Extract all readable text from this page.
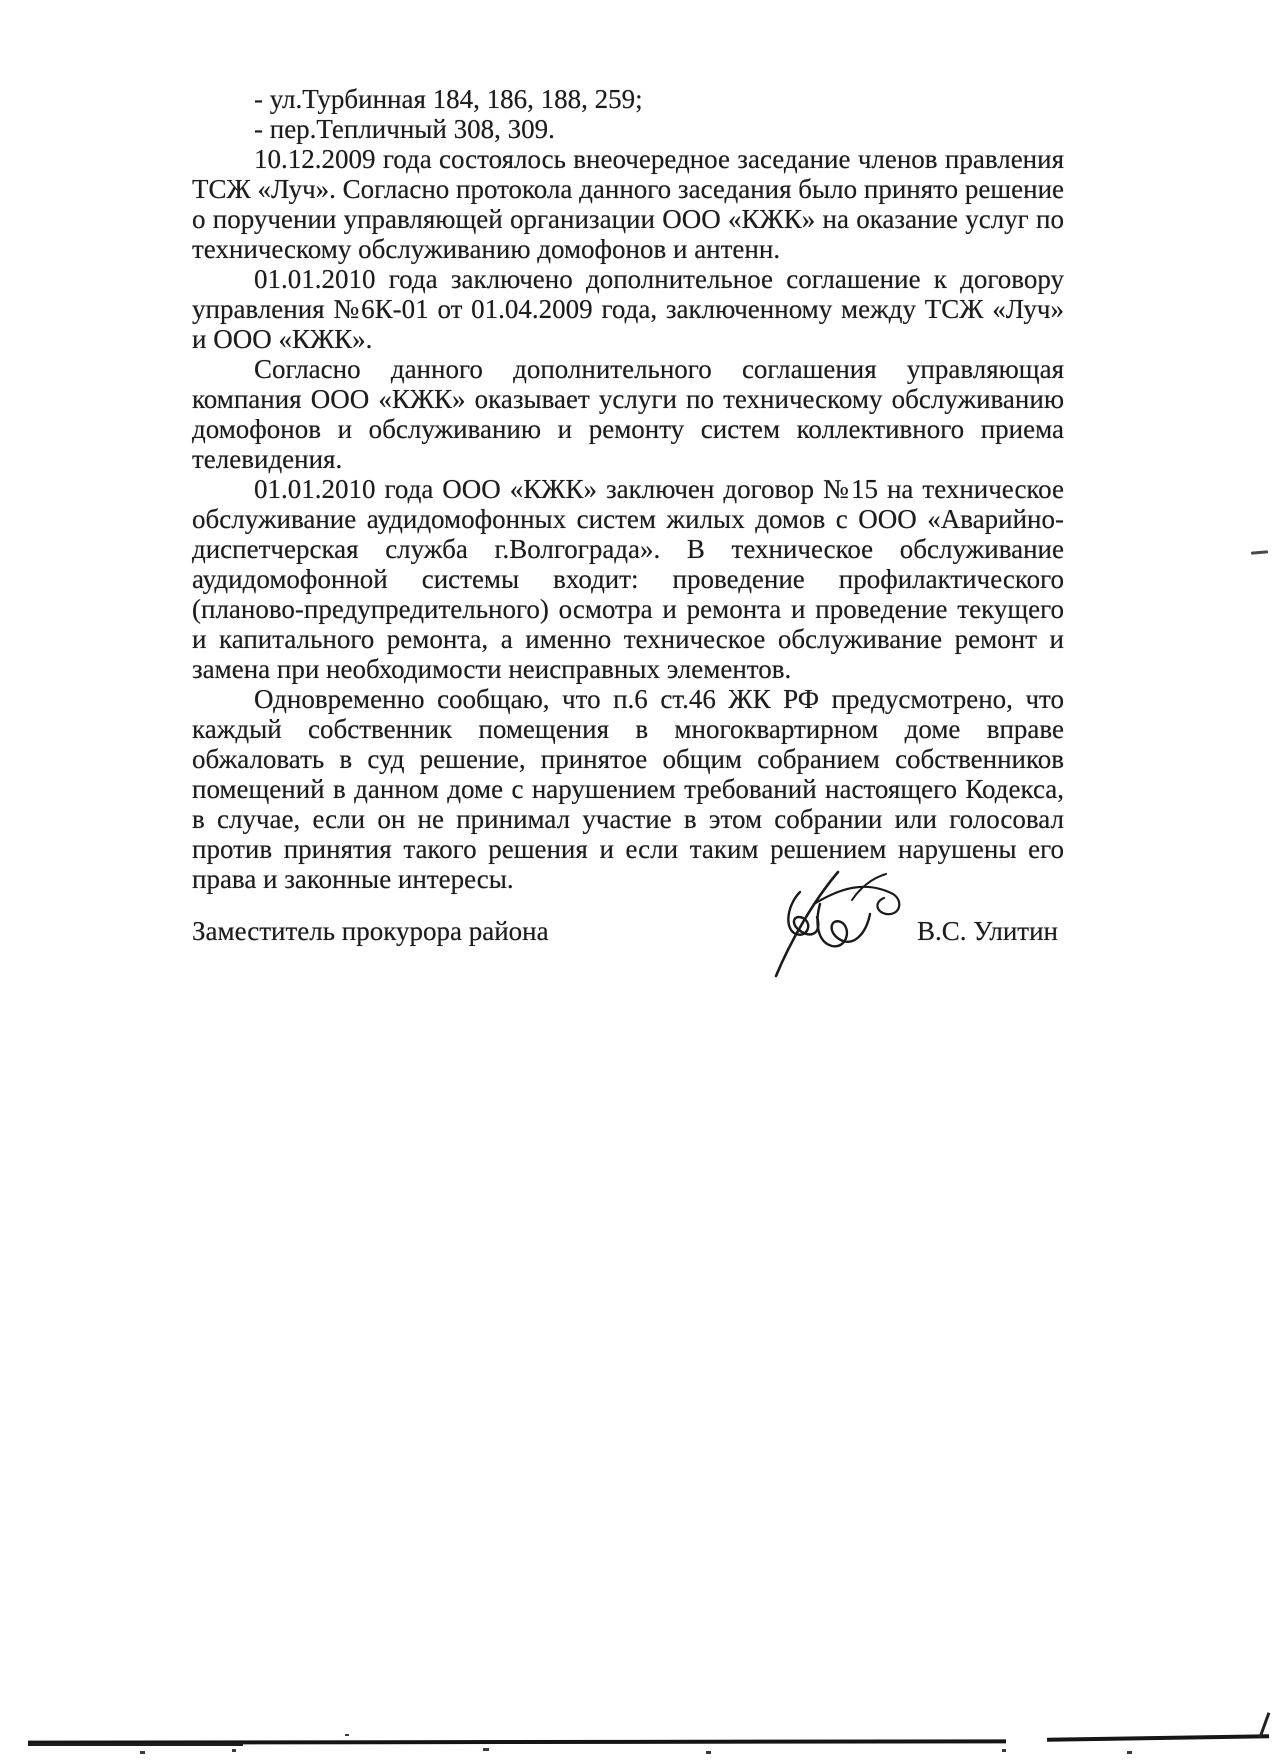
- ул.Турбинная 184, 186, 188, 259;

- пер.Тепличный 308, 309.

10.12.2009 года состоялось внеочередное заседание членов правления ТСЖ «Луч». Согласно протокола данного заседания было принято решение о поручении управляющей организации ООО «КЖК» на оказание услуг по техническому обслуживанию домофонов и антенн.

01.01.2010 года заключено дополнительное соглашение к договору управления №6К-01 от 01.04.2009 года, заключенному между ТСЖ «Луч» и ООО «КЖК».

Согласно данного дополнительного соглашения управляющая компания ООО «КЖК» оказывает услуги по техническому обслуживанию домофонов и обслуживанию и ремонту систем коллективного приема телевидения.

01.01.2010 года ООО «КЖК» заключен договор №15 на техническое обслуживание аудидомофонных систем жилых домов с ООО «Аварийно-диспетчерская служба г.Волгограда». В техническое обслуживание аудидомофонной системы входит: проведение профилактического (планово-предупредительного) осмотра и ремонта и проведение текущего и капитального ремонта, а именно техническое обслуживание ремонт и замена при необходимости неисправных элементов.

Одновременно сообщаю, что п.6 ст.46 ЖК РФ предусмотрено, что каждый собственник помещения в многоквартирном доме вправе обжаловать в суд решение, принятое общим собранием собственников помещений в данном доме с нарушением требований настоящего Кодекса, в случае, если он не принимал участие в этом собрании или голосовал против принятия такого решения и если таким решением нарушены его права и законные интересы.

Заместитель прокурора района	В.С. Улитин
